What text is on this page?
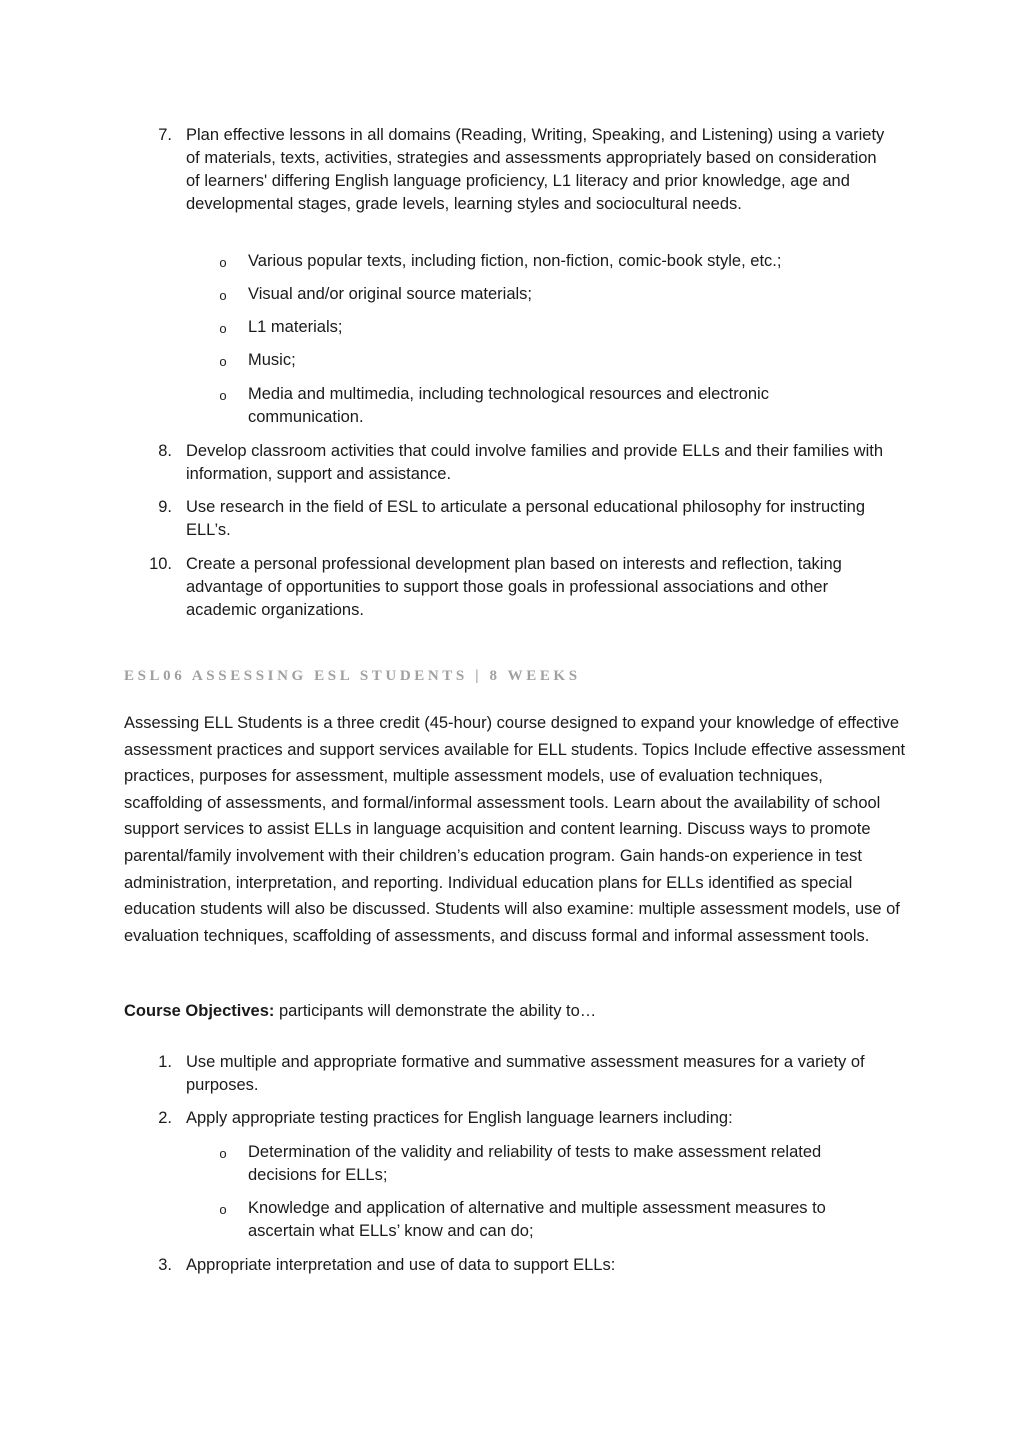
7. Plan effective lessons in all domains (Reading, Writing, Speaking, and Listening) using a variety of materials, texts, activities, strategies and assessments appropriately based on consideration of learners' differing English language proficiency, L1 literacy and prior knowledge, age and developmental stages, grade levels, learning styles and sociocultural needs.
o	Various popular texts, including fiction, non-fiction, comic-book style, etc.;
o	Visual and/or original source materials;
o	L1 materials;
o	Music;
o	Media and multimedia, including technological resources and electronic communication.
8. Develop classroom activities that could involve families and provide ELLs and their families with information, support and assistance.
9. Use research in the field of ESL to articulate a personal educational philosophy for instructing ELL’s.
10. Create a personal professional development plan based on interests and reflection, taking advantage of opportunities to support those goals in professional associations and other academic organizations.
ESL06 ASSESSING ESL STUDENTS | 8 WEEKS
Assessing ELL Students is a three credit (45-hour) course designed to expand your knowledge of effective assessment practices and support services available for ELL students. Topics Include effective assessment practices, purposes for assessment, multiple assessment models, use of evaluation techniques, scaffolding of assessments, and formal/informal assessment tools. Learn about the availability of school support services to assist ELLs in language acquisition and content learning. Discuss ways to promote parental/family involvement with their children’s education program. Gain hands-on experience in test administration, interpretation, and reporting. Individual education plans for ELLs identified as special education students will also be discussed. Students will also examine: multiple assessment models, use of evaluation techniques, scaffolding of assessments, and discuss formal and informal assessment tools.
Course Objectives: participants will demonstrate the ability to…
1. Use multiple and appropriate formative and summative assessment measures for a variety of purposes.
2. Apply appropriate testing practices for English language learners including:
o	Determination of the validity and reliability of tests to make assessment related decisions for ELLs;
o	Knowledge and application of alternative and multiple assessment measures to ascertain what ELLs’ know and can do;
3. Appropriate interpretation and use of data to support ELLs:
